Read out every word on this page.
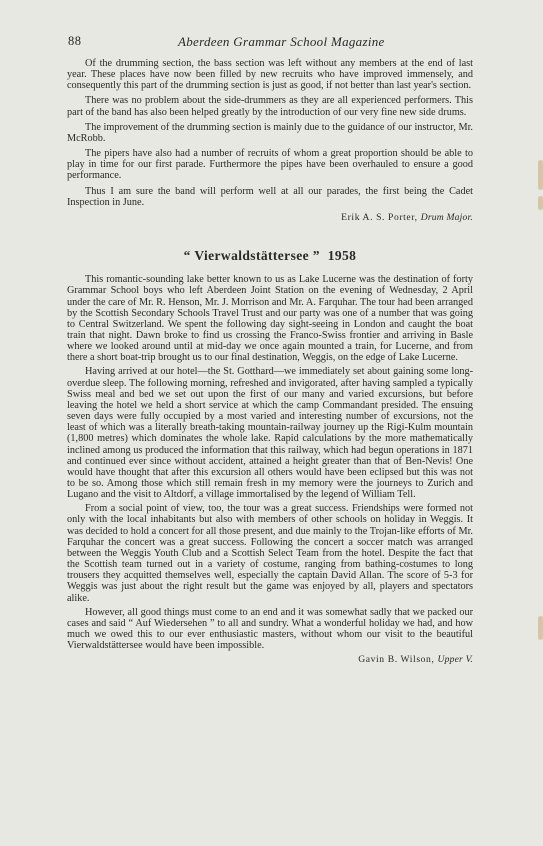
88	Aberdeen Grammar School Magazine

Of the drumming section, the bass section was left without any members at the end of last year. These places have now been filled by new recruits who have improved immensely, and consequently this part of the drumming section is just as good, if not better than last year's section.

There was no problem about the side-drummers as they are all experienced performers. This part of the band has also been helped greatly by the introduction of our very fine new side drums.

The improvement of the drumming section is mainly due to the guidance of our instructor, Mr. McRobb.

The pipers have also had a number of recruits of whom a great proportion should be able to play in time for our first parade. Furthermore the pipes have been overhauled to ensure a good performance.

Thus I am sure the band will perform well at all our parades, the first being the Cadet Inspection in June.

Erik A. S. Porter, Drum Major.
“ Vierwaldstättersee ” 1958

This romantic-sounding lake better known to us as Lake Lucerne was the destination of forty Grammar School boys who left Aberdeen Joint Station on the evening of Wednesday, 2 April under the care of Mr. R. Henson, Mr. J. Morrison and Mr. A. Farquhar. The tour had been arranged by the Scottish Secondary Schools Travel Trust and our party was one of a number that was going to Central Switzerland. We spent the following day sight-seeing in London and caught the boat train that night. Dawn broke to find us crossing the Franco-Swiss frontier and arriving in Basle where we looked around until at mid-day we once again mounted a train, for Lucerne, and from there a short boat-trip brought us to our final destination, Weggis, on the edge of Lake Lucerne.

Having arrived at our hotel—the St. Gotthard—we immediately set about gaining some long-overdue sleep. The following morning, refreshed and invigorated, after having sampled a typically Swiss meal and bed we set out upon the first of our many and varied excursions, but before leaving the hotel we held a short service at which the camp Commandant presided. The ensuing seven days were fully occupied by a most varied and interesting number of excursions, not the least of which was a literally breath-taking mountain-railway journey up the Rigi-Kulm mountain (1,800 metres) which dominates the whole lake. Rapid calculations by the more mathematically inclined among us produced the information that this railway, which had begun operations in 1871 and continued ever since without accident, attained a height greater than that of Ben-Nevis! One would have thought that after this excursion all others would have been eclipsed but this was not to be so. Among those which still remain fresh in my memory were the journeys to Zurich and Lugano and the visit to Altdorf, a village immortalised by the legend of William Tell.

From a social point of view, too, the tour was a great success. Friendships were formed not only with the local inhabitants but also with members of other schools on holiday in Weggis. It was decided to hold a concert for all those present, and due mainly to the Trojan-like efforts of Mr. Farquhar the concert was a great success. Following the concert a soccer match was arranged between the Weggis Youth Club and a Scottish Select Team from the hotel. Despite the fact that the Scottish team turned out in a variety of costume, ranging from bathing-costumes to long trousers they acquitted themselves well, especially the captain David Allan. The score of 5-3 for Weggis was just about the right result but the game was enjoyed by all, players and spectators alike.

However, all good things must come to an end and it was somewhat sadly that we packed our cases and said “ Auf Wiedersehen ” to all and sundry. What a wonderful holiday we had, and how much we owed this to our ever enthusiastic masters, without whom our visit to the beautiful Vierwaldstättersee would have been impossible.

Gavin B. Wilson, Upper V.
